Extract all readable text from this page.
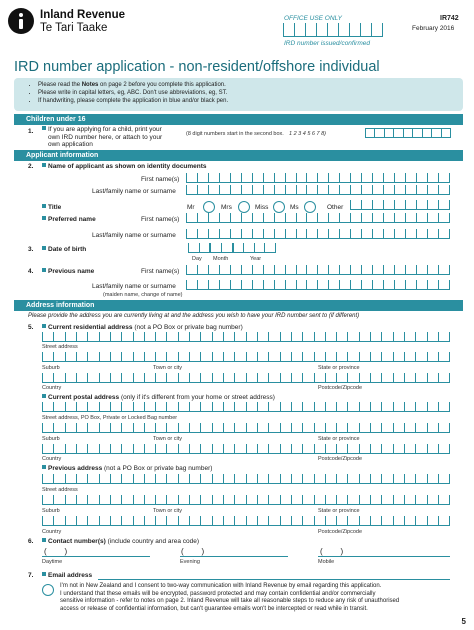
Inland Revenue
Te Tari Taake
OFFICE USE ONLY
IRD number issued/confirmed
IR742
February 2016
IRD number application - non-resident/offshore individual
• Please read the Notes on page 2 before you complete this application.
• Please write in capital letters, eg, ABC. Don't use abbreviations, eg, ST.
• If handwriting, please complete the application in blue and/or black pen.
Children under 16
1.	If you are applying for a child, print your
own IRD number here, or attach to your
own application
(8 digit numbers start in the second box. 1 2 3 4 5 6 7 8)
Applicant information
2.	Name of applicant as shown on identity documents
First name(s)
Last/family name or surname
Title	Mr	Mrs	Miss	Ms	Other
Preferred name	First name(s)
Last/family name or surname
3.	Date of birth
Day Month	Year
4.	Previous name	First name(s)
Last/family name or surname
(maiden name, change of name)
Address information
Please provide the address you are currently living at and the address you wish to have your IRD number sent to (if different)
5.	Current residential address (not a PO Box or private bag number)
Street address
Suburb	Town or city	State or province
Country	Postcode/Zipcode
Current postal address (only if it's different from your home or street address)
Street address, PO Box, Private or Locked Bag number
Suburb	Town or city	State or province
Country	Postcode/Zipcode
Previous address (not a PO Box or private bag number)
Street address
Suburb	Town or city	State or province
Country	Postcode/Zipcode
6.	Contact number(s) (include country and area code)
(        )
Daytime
(        )
Evening
(        )
Mobile
7.	Email address
I'm not in New Zealand and I consent to two-way communication with Inland Revenue by email regarding this application.
I understand that these emails will be encrypted, password protected and may contain confidential and/or commercially
sensitive information - refer to notes on page 2. Inland Revenue will take all reasonable steps to reduce any risk of unauthorised
access or release of confidential information, but can't guarantee emails won't be intercepted or read while in transit.
5
